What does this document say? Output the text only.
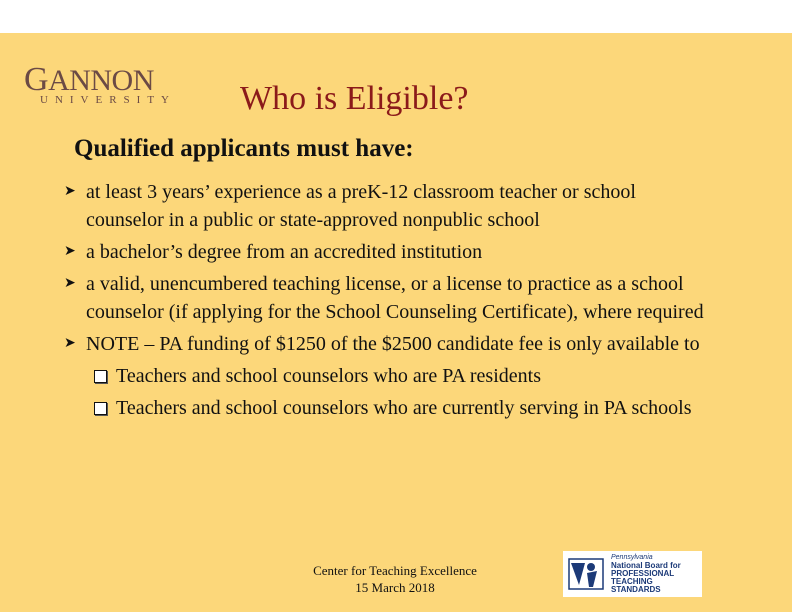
GANNON
UNIVERSITY Who is Eligible?
Qualified applicants must have:
➤ at least 3 years’ experience as a preK-12 classroom teacher or school counselor in a public or state-approved nonpublic school
➤ a bachelor’s degree from an accredited institution
➤ a valid, unencumbered teaching license, or a license to practice as a school counselor (if applying for the School Counseling Certificate), where required
➤ NOTE – PA funding of $1250 of the $2500 candidate fee is only available to
Teachers and school counselors who are PA residents
Teachers and school counselors who are currently serving in PA schools
Center for Teaching Excellence
15 March 2018
Pennsylvania
National Board for
PROFESSIONAL
TEACHING
STANDARDS
